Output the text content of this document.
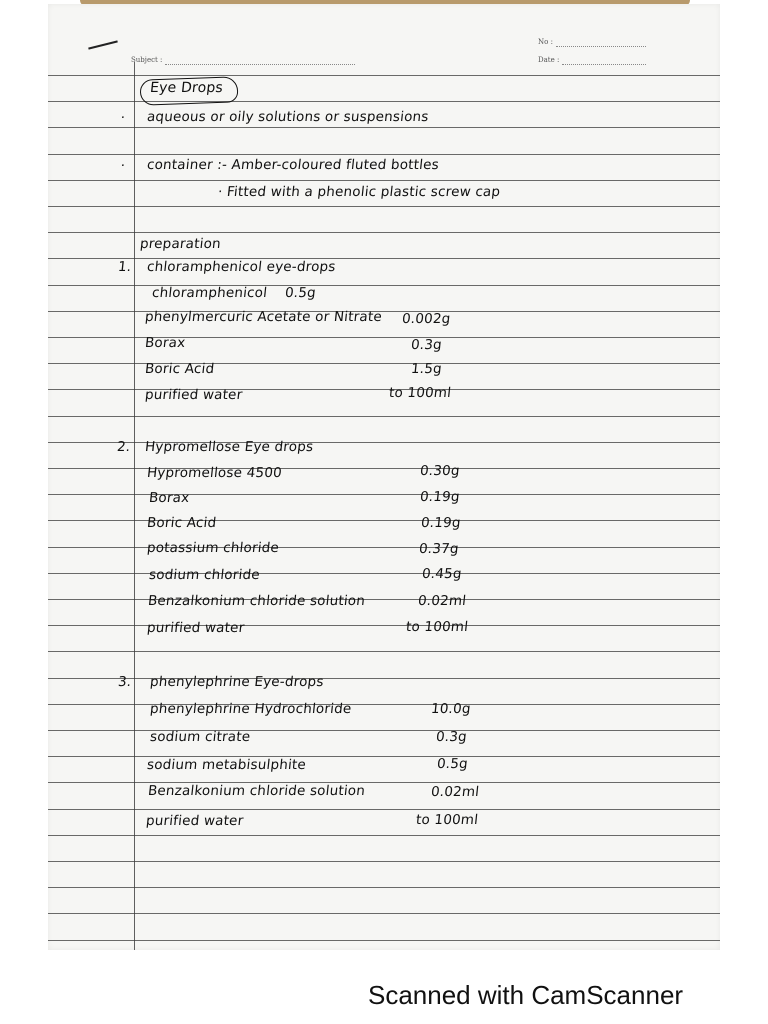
Subject :
No :
Date :
Eye Drops
. aqueous or oily solutions or suspensions
. container :- Amber-coloured fluted bottles
· Fitted with a phenolic plastic screw cap
preparation
1. chloramphenicol eye-drops
chloramphenicol 0.5g
phenylmercuric Acetate or Nitrate 0.002g
Borax	0.3g
Boric Acid	1.5g
purified water	to 100ml
2. Hypromellose Eye drops
Hypromellose 4500	0.30g
Borax	0.19g
Boric Acid	0.19g
potassium chloride	0.37g
sodium chloride	0.45g
Benzalkonium chloride solution	0.02ml
purified water	to 100ml
3. phenylephrine Eye-drops
phenylephrine Hydrochloride	10.0g
sodium citrate	0.3g
sodium metabisulphite	0.5g
Benzalkonium chloride solution	0.02ml
purified water	to 100ml
Scanned with CamScanner
